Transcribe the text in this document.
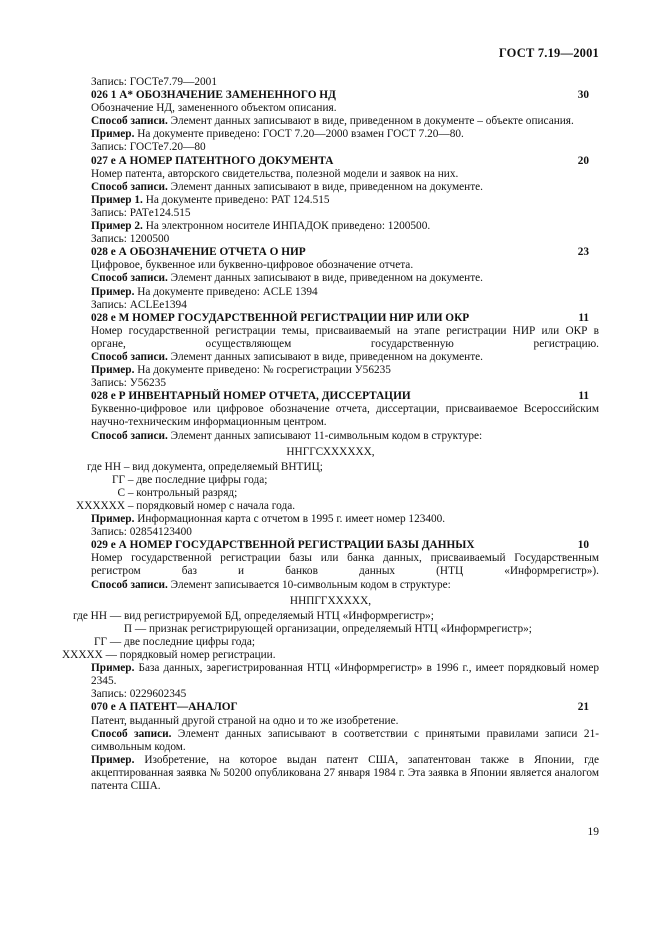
ГОСТ 7.19—2001
Запись: ГОСТе7.79—2001
026 1 А* ОБОЗНАЧЕНИЕ ЗАМЕНЕННОГО НД	30
Обозначение НД, замененного объектом описания.
Способ записи. Элемент данных записывают в виде, приведенном в документе – объекте описания.
Пример. На документе приведено: ГОСТ 7.20—2000 взамен ГОСТ 7.20—80.
Запись: ГОСТе7.20—80
027 е А НОМЕР ПАТЕНТНОГО ДОКУМЕНТА	20
Номер патента, авторского свидетельства, полезной модели и заявок на них.
Способ записи. Элемент данных записывают в виде, приведенном на документе.
Пример 1. На документе приведено: PAT 124.515
Запись: PATе124.515
Пример 2. На электронном носителе ИНПАДОК приведено: 1200500.
Запись: 1200500
028 е А ОБОЗНАЧЕНИЕ ОТЧЕТА О НИР	23
Цифровое, буквенное или буквенно-цифровое обозначение отчета.
Способ записи. Элемент данных записывают в виде, приведенном на документе.
Пример. На документе приведено: ACLE 1394
Запись: ACLEе1394
028 е М НОМЕР ГОСУДАРСТВЕННОЙ РЕГИСТРАЦИИ НИР ИЛИ ОКР	11
Номер государственной регистрации темы, присваиваемый на этапе регистрации НИР или ОКР в органе, осуществляющем государственную регистрацию.
Способ записи. Элемент данных записывают в виде, приведенном на документе.
Пример. На документе приведено: № госрегистрации У56235
Запись: У56235
028 е Р ИНВЕНТАРНЫЙ НОМЕР ОТЧЕТА, ДИССЕРТАЦИИ	11
Буквенно-цифровое или цифровое обозначение отчета, диссертации, присваиваемое Всероссийским научно-техническим информационным центром.
Способ записи. Элемент данных записывают 11-символьным кодом в структуре:
ННГГСХХХХХХ,
где НН – вид документа, определяемый ВНТИЦ;
ГГ – две последние цифры года;
С – контрольный разряд;
ХХХХХХ – порядковый номер с начала года.
Пример. Информационная карта с отчетом в 1995 г. имеет номер 123400.
Запись: 02854123400
029 е А НОМЕР ГОСУДАРСТВЕННОЙ РЕГИСТРАЦИИ БАЗЫ ДАННЫХ	10
Номер государственной регистрации базы или банка данных, присваиваемый Государственным регистром баз и банков данных (НТЦ «Информрегистр»).
Способ записи. Элемент записывается 10-символьным кодом в структуре:
ННПГГХХХХХ,
где НН — вид регистрируемой БД, определяемый НТЦ «Информрегистр»;
П — признак регистрирующей организации, определяемый НТЦ «Информрегистр»;
ГГ — две последние цифры года;
ХХХХХ — порядковый номер регистрации.
Пример. База данных, зарегистрированная НТЦ «Информрегистр» в 1996 г., имеет порядковый номер 2345.
Запись: 0229602345
070 е А ПАТЕНТ—АНАЛОГ	21
Патент, выданный другой страной на одно и то же изобретение.
Способ записи. Элемент данных записывают в соответствии с принятыми правилами записи 21-символьным кодом.
Пример. Изобретение, на которое выдан патент США, запатентован также в Японии, где акцептированная заявка № 50200 опубликована 27 января 1984 г. Эта заявка в Японии является аналогом патента США.
19
